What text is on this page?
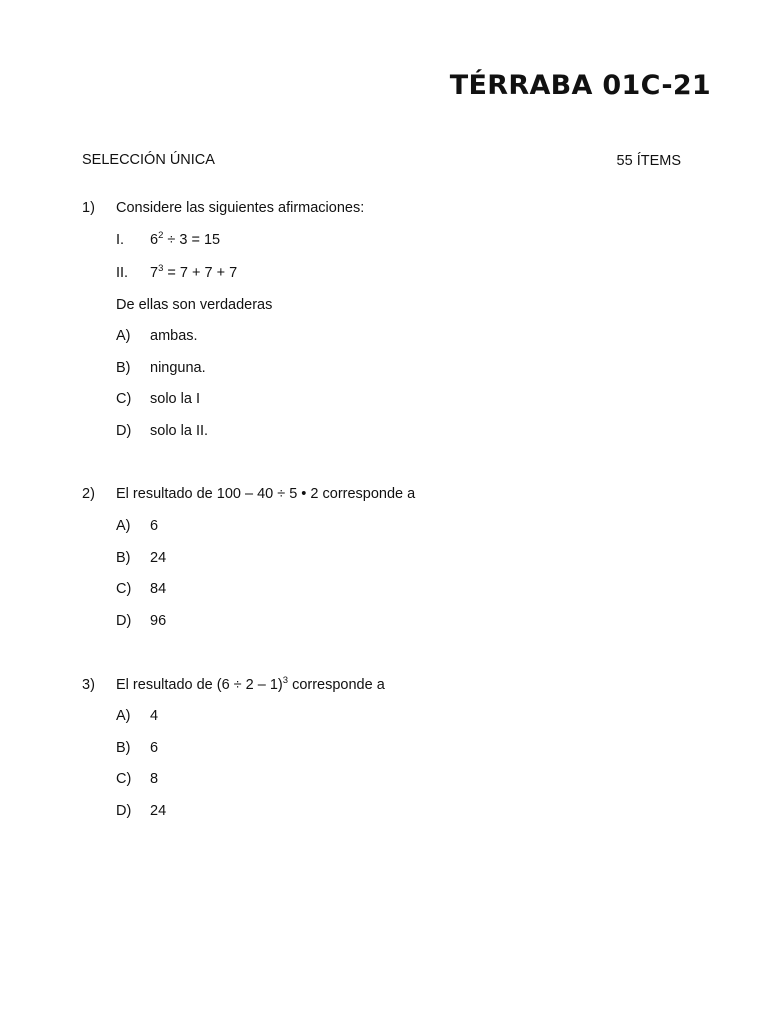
TÉRRABA 01C-21
SELECCIÓN ÚNICA	55 ÍTEMS
1) Considere las siguientes afirmaciones:
I. $6^2 \div 3 = 15$
II. $7^3 = 7 + 7 + 7$
De ellas son verdaderas
A) ambas.
B) ninguna.
C) solo la I
D) solo la II.
2) El resultado de 100 – 40 ÷ 5 • 2 corresponde a
A) 6
B) 24
C) 84
D) 96
3) El resultado de $(6 \div 2 - 1)^3$ corresponde a
A) 4
B) 6
C) 8
D) 24
